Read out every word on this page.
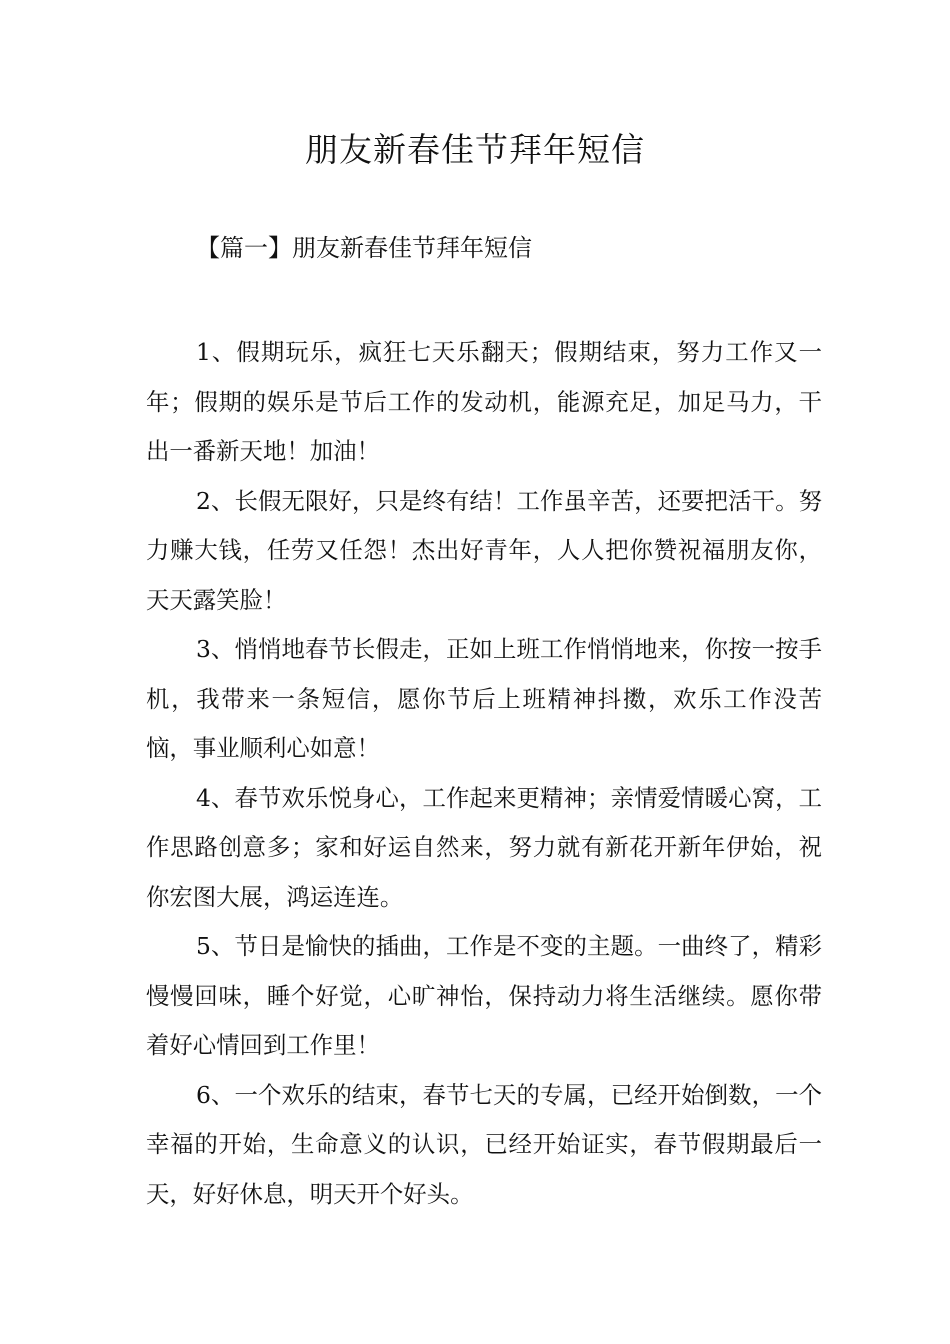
朋友新春佳节拜年短信
【篇一】朋友新春佳节拜年短信

1、假期玩乐，疯狂七天乐翻天；假期结束，努力工作又一年；假期的娱乐是节后工作的发动机，能源充足，加足马力，干出一番新天地！加油！

2、长假无限好，只是终有结！工作虽辛苦，还要把活干。努力赚大钱，任劳又任怨！杰出好青年，人人把你赞祝福朋友你，天天露笑脸！

3、悄悄地春节长假走，正如上班工作悄悄地来，你按一按手机，我带来一条短信，愿你节后上班精神抖擞，欢乐工作没苦恼，事业顺利心如意！

4、春节欢乐悦身心，工作起来更精神；亲情爱情暖心窝，工作思路创意多；家和好运自然来，努力就有新花开新年伊始，祝你宏图大展，鸿运连连。

5、节日是愉快的插曲，工作是不变的主题。一曲终了，精彩慢慢回味，睡个好觉，心旷神怡，保持动力将生活继续。愿你带着好心情回到工作里！

6、一个欢乐的结束，春节七天的专属，已经开始倒数，一个幸福的开始，生命意义的认识，已经开始证实，春节假期最后一天，好好休息，明天开个好头。
